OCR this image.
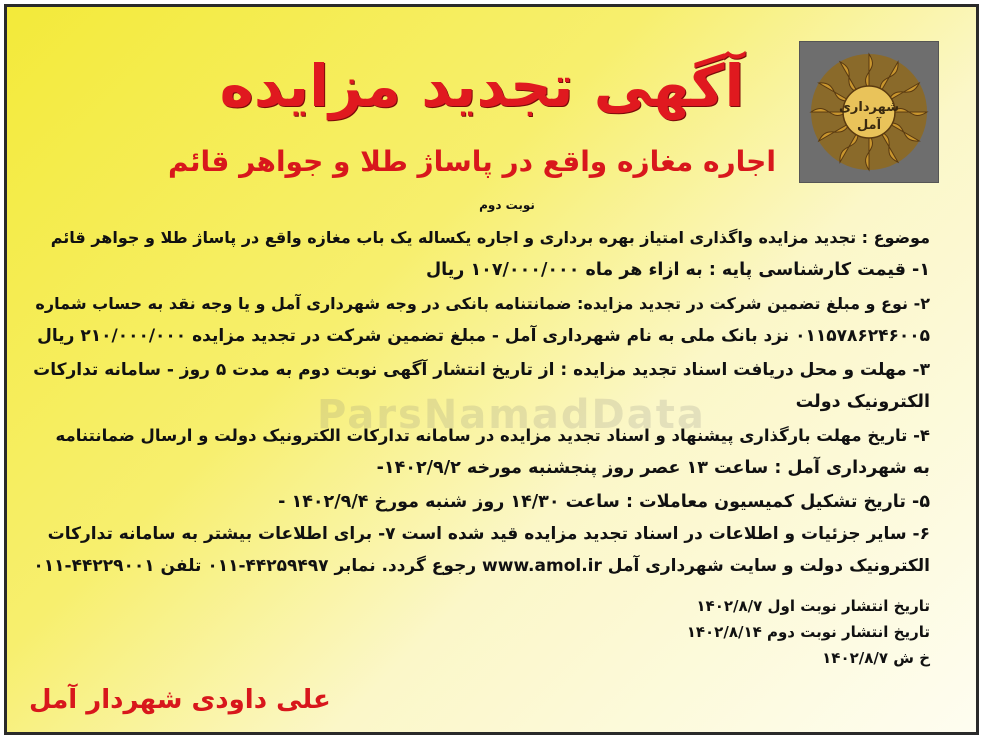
ParsNamadData
شهرداری
آمل
آگهی تجدید مزایده
اجاره مغازه واقع در پاساژ طلا و جواهر قائم
نوبت دوم
موضوع : تجدید مزایده واگذاری امتیاز بهره برداری و اجاره یکساله یک باب مغازه واقع در پاساژ طلا و جواهر قائم
۱- قیمت کارشناسی پایه : به ازاء هر ماه ۱۰۷/۰۰۰/۰۰۰ ریال
۲- نوع و مبلغ تضمین شرکت در تجدید مزایده: ضمانتنامه بانکی در وجه شهرداری آمل و یا وجه نقد به حساب شماره
۰۱۱۵۷۸۶۲۴۶۰۰۵ نزد بانک ملی به نام شهرداری آمل - مبلغ تضمین شرکت در تجدید مزایده ۲۱۰/۰۰۰/۰۰۰ ریال
۳- مهلت و محل دریافت اسناد تجدید مزایده : از تاریخ انتشار آگهی نوبت دوم به مدت ۵ روز - سامانه تدارکات
الکترونیک دولت
۴- تاریخ مهلت بارگذاری پیشنهاد و اسناد تجدید مزایده در سامانه تدارکات الکترونیک دولت و ارسال ضمانتنامه
به شهرداری آمل : ساعت ۱۳ عصر روز پنجشنبه مورخه ۱۴۰۲/۹/۲-
۵- تاریخ تشکیل کمیسیون معاملات : ساعت ۱۴/۳۰ روز شنبه مورخ ۱۴۰۲/۹/۴ -
۶- سایر جزئیات و اطلاعات در اسناد تجدید مزایده قید شده است ۷- برای اطلاعات بیشتر به سامانه تدارکات
الکترونیک دولت و سایت شهرداری آمل www.amol.ir رجوع گردد. نمابر ۴۴۲۵۹۴۹۷-۰۱۱ تلفن ۴۴۲۲۹۰۰۱-۰۱۱
تاریخ انتشار نوبت اول ۱۴۰۲/۸/۷
تاریخ انتشار نوبت دوم ۱۴۰۲/۸/۱۴
خ ش ۱۴۰۲/۸/۷
علی داودی شهردار آمل
